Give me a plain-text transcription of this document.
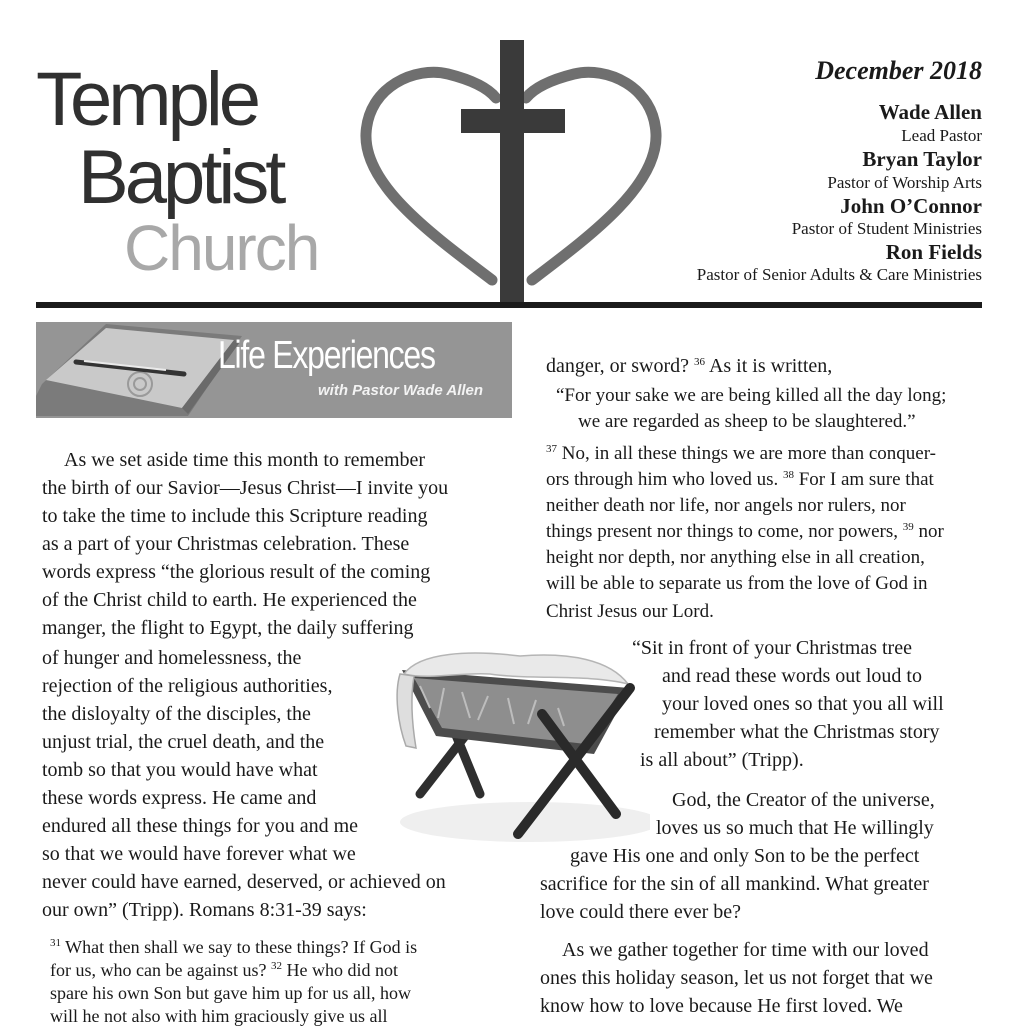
Temple
Baptist
Church
December 2018
Wade Allen
Lead Pastor
Bryan Taylor
Pastor of Worship Arts
John O’Connor
Pastor of Student Ministries
Ron Fields
Pastor of Senior Adults & Care Ministries
Life Experiences
with Pastor Wade Allen
As we set aside time this month to remember
the birth of our Savior—Jesus Christ—I invite you
to take the time to include this Scripture reading
as a part of your Christmas celebration. These
words express “the glorious result of the coming
of the Christ child to earth. He experienced the
manger, the flight to Egypt, the daily suffering
of hunger and homelessness, the
rejection of the religious authorities,
the disloyalty of the disciples, the
unjust trial, the cruel death, and the
tomb so that you would have what
these words express. He came and
endured all these things for you and me
so that we would have forever what we
never could have earned, deserved, or achieved on
our own” (Tripp). Romans 8:31-39 says:
$^{31}$ What then shall we say to these things? If God is
for us, who can be against us? $^{32}$ He who did not
spare his own Son but gave him up for us all, how
will he not also with him graciously give us all
danger, or sword? $^{36}$ As it is written,
“For your sake we are being killed all the day long;
we are regarded as sheep to be slaughtered.”
$^{37}$ No, in all these things we are more than conquer-
ors through him who loved us. $^{38}$ For I am sure that
neither death nor life, nor angels nor rulers, nor
things present nor things to come, nor powers, $^{39}$ nor
height nor depth, nor anything else in all creation,
will be able to separate us from the love of God in
Christ Jesus our Lord.
“Sit in front of your Christmas tree
and read these words out loud to
your loved ones so that you all will
remember what the Christmas story
is all about” (Tripp).
God, the Creator of the universe,
loves us so much that He willingly
gave His one and only Son to be the perfect
sacrifice for the sin of all mankind. What greater
love could there ever be?
As we gather together for time with our loved
ones this holiday season, let us not forget that we
know how to love because He first loved. We
